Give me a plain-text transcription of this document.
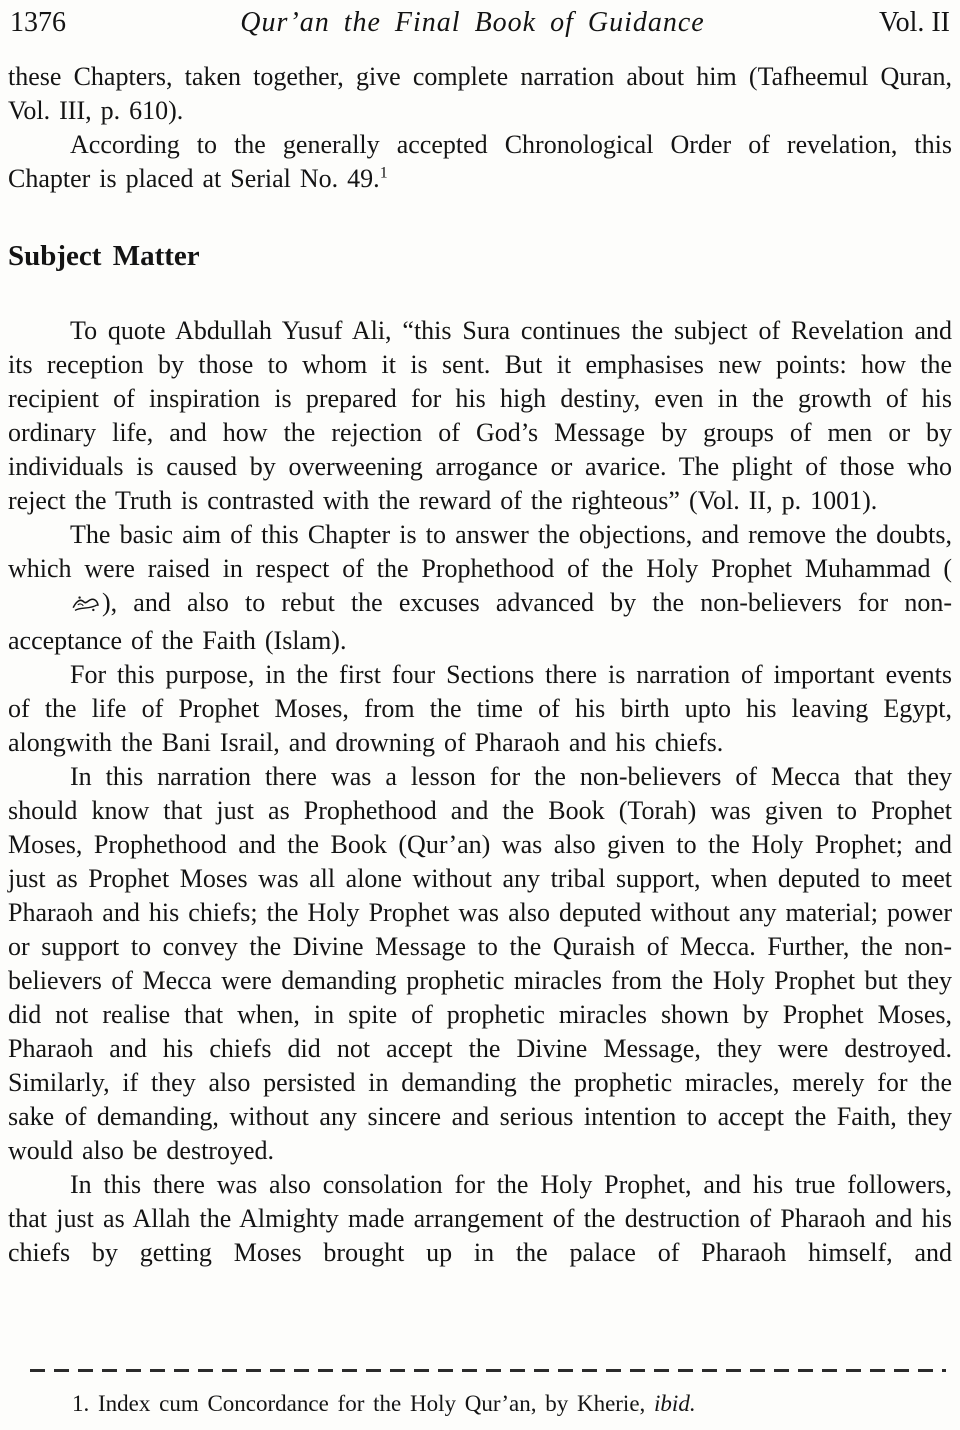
1376	Qur’an the Final Book of Guidance	Vol. II

these Chapters, taken together, give complete narration about him (Tafheemul Quran, Vol. III, p. 610).

According to the generally accepted Chronological Order of revelation, this Chapter is placed at Serial No. 49.$^1$

Subject Matter

To quote Abdullah Yusuf Ali, “this Sura continues the subject of Revelation and its reception by those to whom it is sent. But it emphasises new points: how the recipient of inspiration is prepared for his high destiny, even in the growth of his ordinary life, and how the rejection of God’s Message by groups of men or by individuals is caused by overweening arrogance or avarice. The plight of those who reject the Truth is contrasted with the reward of the righteous” (Vol. II, p. 1001).

The basic aim of this Chapter is to answer the objections, and remove the doubts, which were raised in respect of the Prophethood of the Holy Prophet Muhammad (), and also to rebut the excuses advanced by the non-believers for non-acceptance of the Faith (Islam).

For this purpose, in the first four Sections there is narration of important events of the life of Prophet Moses, from the time of his birth upto his leaving Egypt, alongwith the Bani Israil, and drowning of Pharaoh and his chiefs.

In this narration there was a lesson for the non-believers of Mecca that they should know that just as Prophethood and the Book (Torah) was given to Prophet Moses, Prophethood and the Book (Qur’an) was also given to the Holy Prophet; and just as Prophet Moses was all alone without any tribal support, when deputed to meet Pharaoh and his chiefs; the Holy Prophet was also deputed without any material; power or support to convey the Divine Message to the Quraish of Mecca. Further, the non-believers of Mecca were demanding prophetic miracles from the Holy Prophet but they did not realise that when, in spite of prophetic miracles shown by Prophet Moses, Pharaoh and his chiefs did not accept the Divine Message, they were destroyed. Similarly, if they also persisted in demanding the prophetic miracles, merely for the sake of demanding, without any sincere and serious intention to accept the Faith, they would also be destroyed.

In this there was also consolation for the Holy Prophet, and his true followers, that just as Allah the Almighty made arrangement of the destruction of Pharaoh and his chiefs by getting Moses brought up in the palace of Pharaoh himself, and

1. Index cum Concordance for the Holy Qur’an, by Kherie, ibid.
